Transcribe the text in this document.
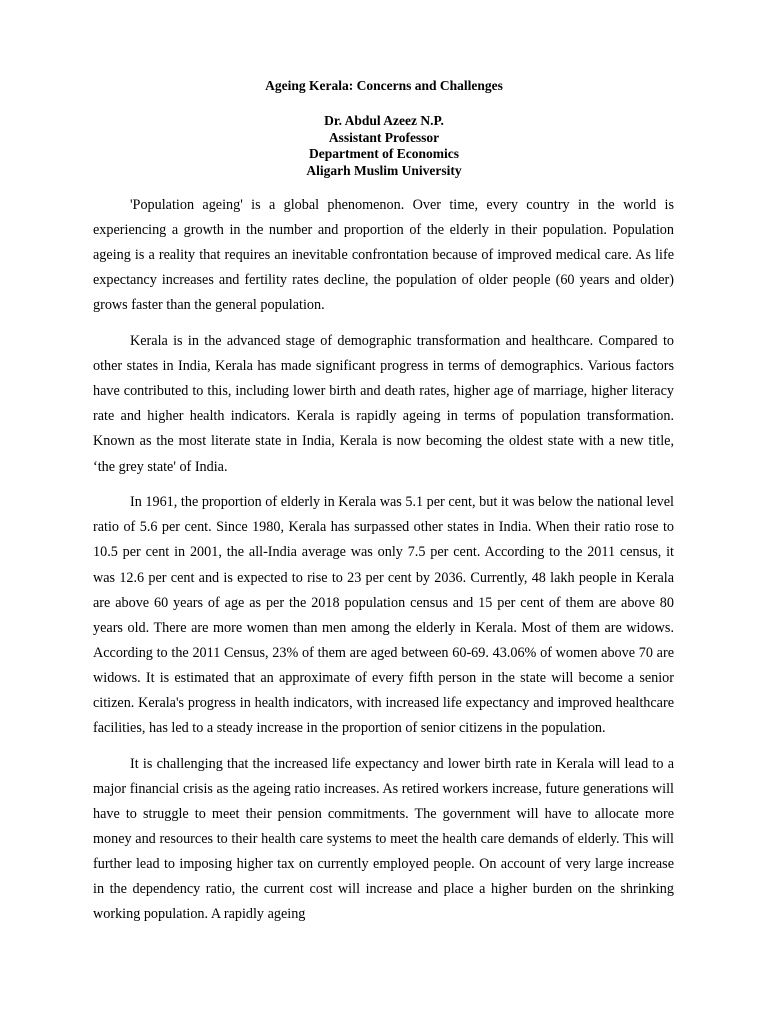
Ageing Kerala: Concerns and Challenges
Dr. Abdul Azeez N.P.
Assistant Professor
Department of Economics
Aligarh Muslim University

'Population ageing' is a global phenomenon. Over time, every country in the world is experiencing a growth in the number and proportion of the elderly in their population. Population ageing is a reality that requires an inevitable confrontation because of improved medical care. As life expectancy increases and fertility rates decline, the population of older people (60 years and older) grows faster than the general population.

Kerala is in the advanced stage of demographic transformation and healthcare. Compared to other states in India, Kerala has made significant progress in terms of demographics. Various factors have contributed to this, including lower birth and death rates, higher age of marriage, higher literacy rate and higher health indicators. Kerala is rapidly ageing in terms of population transformation. Known as the most literate state in India, Kerala is now becoming the oldest state with a new title, ‘the grey state' of India.

In 1961, the proportion of elderly in Kerala was 5.1 per cent, but it was below the national level ratio of 5.6 per cent. Since 1980, Kerala has surpassed other states in India. When their ratio rose to 10.5 per cent in 2001, the all-India average was only 7.5 per cent. According to the 2011 census, it was 12.6 per cent and is expected to rise to 23 per cent by 2036. Currently, 48 lakh people in Kerala are above 60 years of age as per the 2018 population census and 15 per cent of them are above 80 years old. There are more women than men among the elderly in Kerala. Most of them are widows. According to the 2011 Census, 23% of them are aged between 60-69. 43.06% of women above 70 are widows. It is estimated that an approximate of every fifth person in the state will become a senior citizen. Kerala's progress in health indicators, with increased life expectancy and improved healthcare facilities, has led to a steady increase in the proportion of senior citizens in the population.

It is challenging that the increased life expectancy and lower birth rate in Kerala will lead to a major financial crisis as the ageing ratio increases. As retired workers increase, future generations will have to struggle to meet their pension commitments. The government will have to allocate more money and resources to their health care systems to meet the health care demands of elderly. This will further lead to imposing higher tax on currently employed people. On account of very large increase in the dependency ratio, the current cost will increase and place a higher burden on the shrinking working population. A rapidly ageing
